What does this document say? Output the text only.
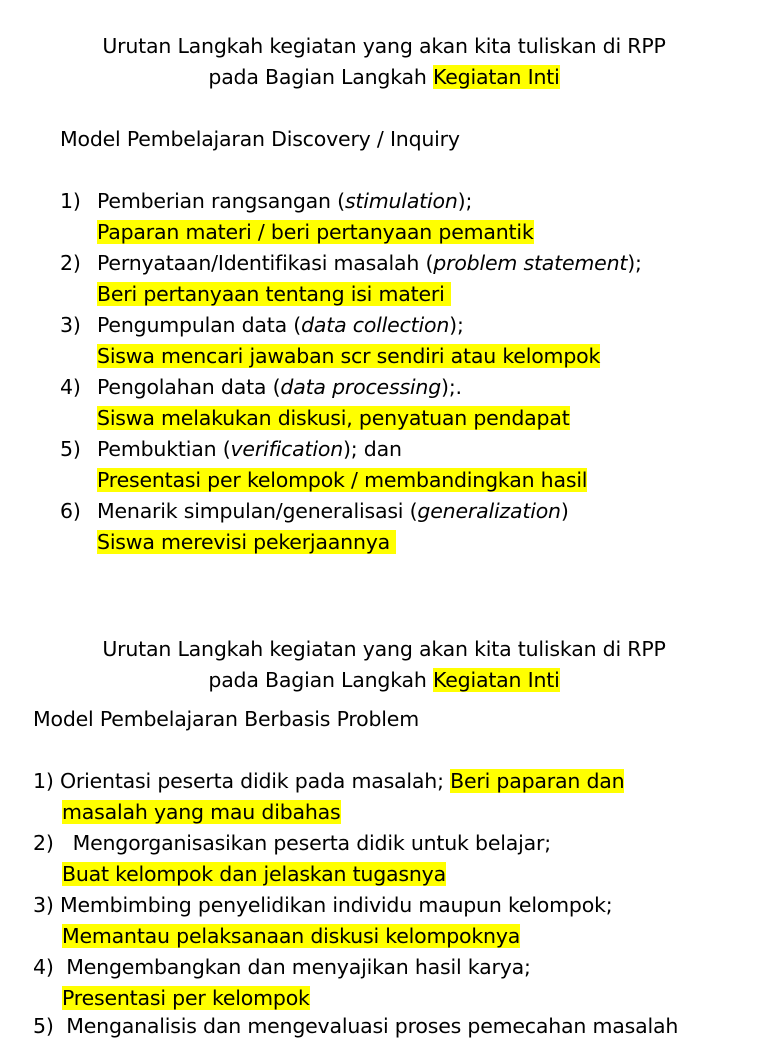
Urutan Langkah kegiatan yang akan kita tuliskan di RPP
pada Bagian Langkah Kegiatan Inti
Model Pembelajaran Discovery / Inquiry
1) Pemberian rangsangan (stimulation);
Paparan materi / beri pertanyaan pemantik
2) Pernyataan/Identifikasi masalah (problem statement);
Beri pertanyaan tentang isi materi
3) Pengumpulan data (data collection);
Siswa mencari jawaban scr sendiri atau kelompok
4) Pengolahan data (data processing);.
Siswa melakukan diskusi, penyatuan pendapat
5) Pembuktian (verification); dan
Presentasi per kelompok / membandingkan hasil
6) Menarik simpulan/generalisasi (generalization)
Siswa merevisi pekerjaannya
Urutan Langkah kegiatan yang akan kita tuliskan di RPP
pada Bagian Langkah Kegiatan Inti
Model Pembelajaran Berbasis Problem
1) Orientasi peserta didik pada masalah; Beri paparan dan
masalah yang mau dibahas
2)   Mengorganisasikan peserta didik untuk belajar;
Buat kelompok dan jelaskan tugasnya
3) Membimbing penyelidikan individu maupun kelompok;
Memantau pelaksanaan diskusi kelompoknya
4)  Mengembangkan dan menyajikan hasil karya;
Presentasi per kelompok
5)  Menganalisis dan mengevaluasi proses pemecahan masalah
